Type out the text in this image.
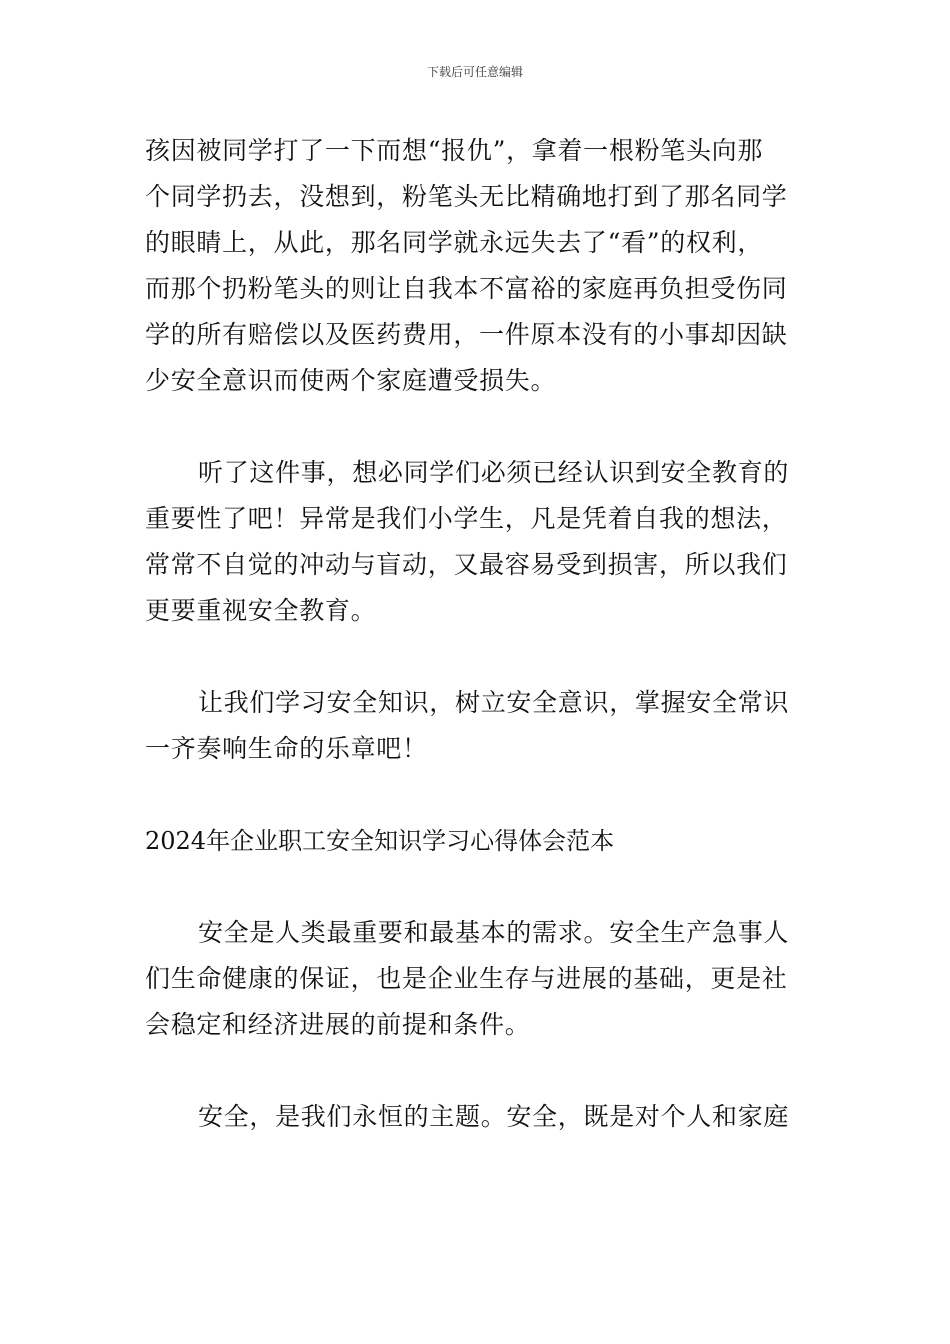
下载后可任意编辑
孩因被同学打了一下而想“报仇”，拿着一根粉笔头向那
个同学扔去，没想到，粉笔头无比精确地打到了那名同学
的眼睛上，从此，那名同学就永远失去了“看”的权利，
而那个扔粉笔头的则让自我本不富裕的家庭再负担受伤同
学的所有赔偿以及医药费用，一件原本没有的小事却因缺
少安全意识而使两个家庭遭受损失。
听了这件事，想必同学们必须已经认识到安全教育的
重要性了吧！异常是我们小学生，凡是凭着自我的想法，
常常不自觉的冲动与盲动，又最容易受到损害，所以我们
更要重视安全教育。
让我们学习安全知识，树立安全意识，掌握安全常识
一齐奏响生命的乐章吧！
2024年企业职工安全知识学习心得体会范本
安全是人类最重要和最基本的需求。安全生产急事人
们生命健康的保证，也是企业生存与进展的基础，更是社
会稳定和经济进展的前提和条件。
安全，是我们永恒的主题。安全，既是对个人和家庭
